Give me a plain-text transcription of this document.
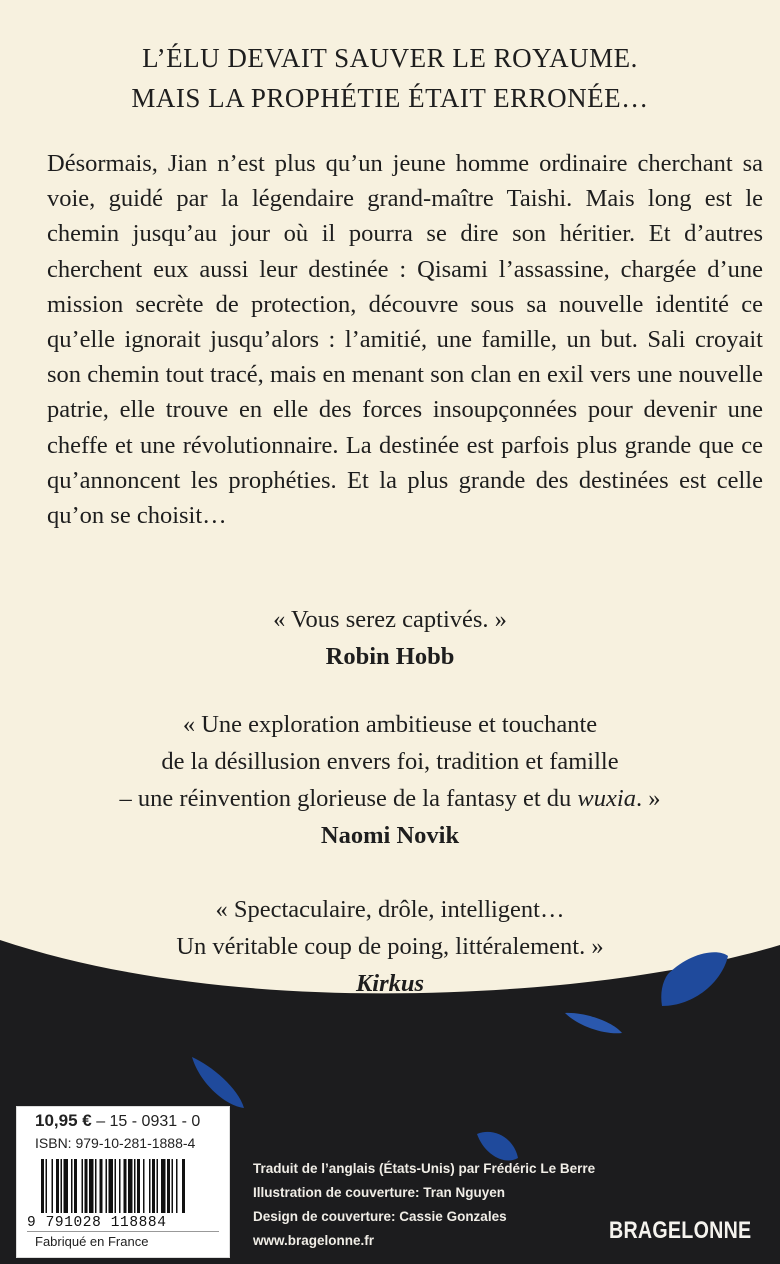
L’ÉLU DEVAIT SAUVER LE ROYAUME.
MAIS LA PROPHÉTIE ÉTAIT ERRONÉE…
Désormais, Jian n’est plus qu’un jeune homme ordinaire cherchant sa voie, guidé par la légendaire grand-maître Taishi. Mais long est le chemin jusqu’au jour où il pourra se dire son héritier. Et d’autres cherchent eux aussi leur destinée : Qisami l’assassine, chargée d’une mission secrète de protection, découvre sous sa nouvelle identité ce qu’elle ignorait jusqu’alors : l’amitié, une famille, un but. Sali croyait son chemin tout tracé, mais en menant son clan en exil vers une nouvelle patrie, elle trouve en elle des forces insoupçonnées pour devenir une cheffe et une révolutionnaire. La destinée est parfois plus grande que ce qu’annoncent les prophéties. Et la plus grande des destinées est celle qu’on se choisit…
« Vous serez captivés. »
Robin Hobb
« Une exploration ambitieuse et touchante
de la désillusion envers foi, tradition et famille
– une réinvention glorieuse de la fantasy et du wuxia. »
Naomi Novik
« Spectaculaire, drôle, intelligent…
Un véritable coup de poing, littéralement. »
Kirkus
10,95 € – 15 - 0931 - 0
ISBN: 979-10-281-1888-4
9 791028 118884
Fabriqué en France
Traduit de l’anglais (États-Unis) par Frédéric Le Berre
Illustration de couverture: Tran Nguyen
Design de couverture: Cassie Gonzales
www.bragelonne.fr	BRAGELONNE
